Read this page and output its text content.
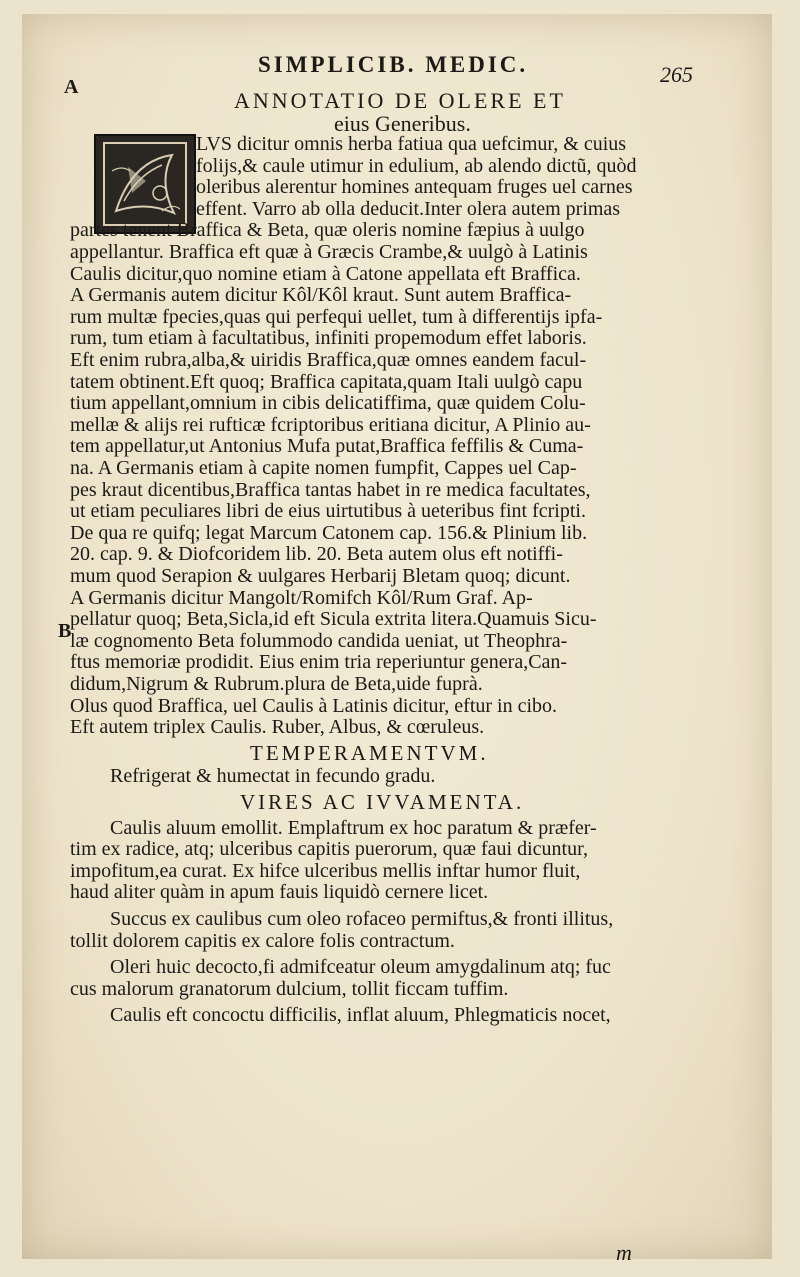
SIMPLICIB. MEDIC.	265
A
B
ANNOTATIO DE OLERE ET
eius Generibus.
LVS dicitur omnis herba fatiua qua uefcimur, & cuius
folijs,& caule utimur in edulium, ab alendo dictũ, quòd
oleribus alerentur homines antequam fruges uel carnes
effent. Varro ab olla deducit.Inter olera autem primas
partes tenent Braffica & Beta, quæ oleris nomine fæpius à uulgo
appellantur. Braffica eft quæ à Græcis Crambe,& uulgò à Latinis
Caulis dicitur,quo nomine etiam à Catone appellata eft Braffica.
A Germanis autem dicitur Kôl/Kôl kraut. Sunt autem Braffica-
rum multæ fpecies,quas qui perfequi uellet, tum à differentijs ipfa-
rum, tum etiam à facultatibus, infiniti propemodum effet laboris.
Eft enim rubra,alba,& uiridis Braffica,quæ omnes eandem facul-
tatem obtinent.Eft quoq; Braffica capitata,quam Itali uulgò capu
tium appellant,omnium in cibis delicatiffima, quæ quidem Colu-
mellæ & alijs rei rufticæ fcriptoribus eritiana dicitur, A Plinio au-
tem appellatur,ut Antonius Mufa putat,Braffica feffilis & Cuma-
na. A Germanis etiam à capite nomen fumpfit, Cappes uel Cap-
pes kraut dicentibus,Braffica tantas habet in re medica facultates,
ut etiam peculiares libri de eius uirtutibus à ueteribus fint fcripti.
De qua re quifq; legat Marcum Catonem cap. 156.& Plinium lib.
20. cap. 9. & Diofcoridem lib. 20. Beta autem olus eft notiffi-
mum quod Serapion & uulgares Herbarij Bletam quoq; dicunt.
A Germanis dicitur Mangolt/Romifch Kôl/Rum Graf. Ap-
pellatur quoq; Beta,Sicla,id eft Sicula extrita litera.Quamuis Sicu-
læ cognomento Beta folummodo candida ueniat, ut Theophra-
ftus memoriæ prodidit. Eius enim tria reperiuntur genera,Can-
didum,Nigrum & Rubrum.plura de Beta,uide fuprà.
Olus quod Braffica, uel Caulis à Latinis dicitur, eftur in cibo.
Eft autem triplex Caulis. Ruber, Albus, & cœruleus.
TEMPERAMENTVM.
Refrigerat & humectat in fecundo gradu.
VIRES AC IVVAMENTA.
Caulis aluum emollit. Emplaftrum ex hoc paratum & præfer-
tim ex radice, atq; ulceribus capitis puerorum, quæ faui dicuntur,
impofitum,ea curat. Ex hifce ulceribus mellis inftar humor fluit,
haud aliter quàm in apum fauis liquidò cernere licet.
Succus ex caulibus cum oleo rofaceo permiftus,& fronti illitus,
tollit dolorem capitis ex calore folis contractum.
Oleri huic decocto,fi admifceatur oleum amygdalinum atq; fuc
cus malorum granatorum dulcium, tollit ficcam tuffim.
Caulis eft concoctu difficilis, inflat aluum, Phlegmaticis nocet,
m
